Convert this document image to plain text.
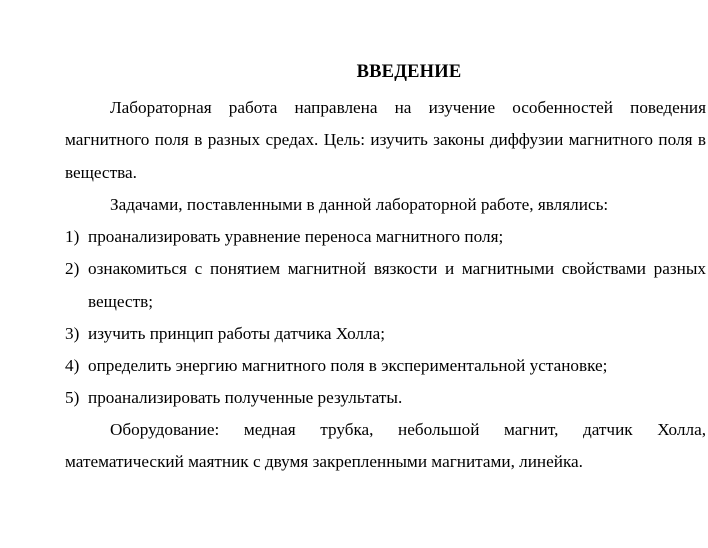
ВВЕДЕНИЕ

Лабораторная работа направлена на изучение особенностей поведения магнитного поля в разных средах. Цель: изучить законы диффузии магнитного поля в вещества.

Задачами, поставленными в данной лабораторной работе, являлись:

1) проанализировать уравнение переноса магнитного поля;
2) ознакомиться с понятием магнитной вязкости и магнитными свойствами разных веществ;
3) изучить принцип работы датчика Холла;
4) определить энергию магнитного поля в экспериментальной установке;
5) проанализировать полученные результаты.

Оборудование: медная трубка, небольшой магнит, датчик Холла, математический маятник с двумя закрепленными магнитами, линейка.
